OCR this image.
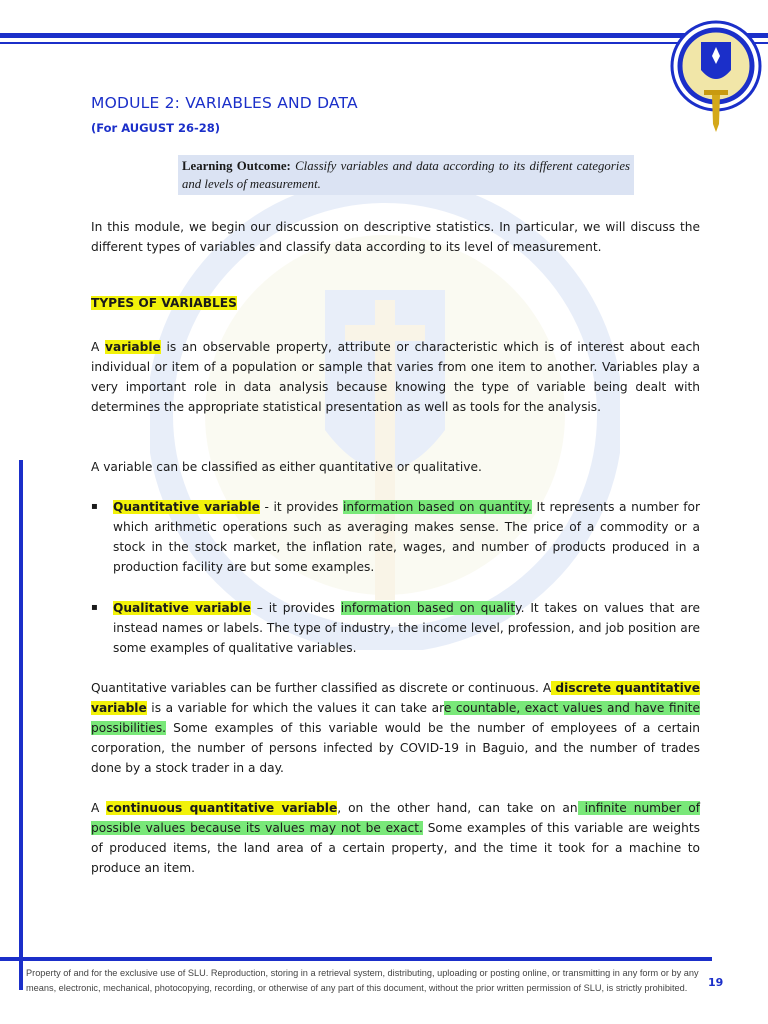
MODULE 2: VARIABLES AND DATA
(For AUGUST 26-28)
Learning Outcome: Classify variables and data according to its different categories and levels of measurement.
In this module, we begin our discussion on descriptive statistics. In particular, we will discuss the different types of variables and classify data according to its level of measurement.
TYPES OF VARIABLES
A variable is an observable property, attribute or characteristic which is of interest about each individual or item of a population or sample that varies from one item to another. Variables play a very important role in data analysis because knowing the type of variable being dealt with determines the appropriate statistical presentation as well as tools for the analysis.
A variable can be classified as either quantitative or qualitative.
▪ Quantitative variable - it provides information based on quantity. It represents a number for which arithmetic operations such as averaging makes sense. The price of a commodity or a stock in the stock market, the inflation rate, wages, and number of products produced in a production facility are but some examples.
▪ Qualitative variable – it provides information based on quality. It takes on values that are instead names or labels. The type of industry, the income level, profession, and job position are some examples of qualitative variables.
Quantitative variables can be further classified as discrete or continuous. A discrete quantitative variable is a variable for which the values it can take are countable, exact values and have finite possibilities. Some examples of this variable would be the number of employees of a certain corporation, the number of persons infected by COVID-19 in Baguio, and the number of trades done by a stock trader in a day.
A continuous quantitative variable, on the other hand, can take on an infinite number of possible values because its values may not be exact. Some examples of this variable are weights of produced items, the land area of a certain property, and the time it took for a machine to produce an item.
Property of and for the exclusive use of SLU. Reproduction, storing in a retrieval system, distributing, uploading or posting online, or transmitting in any form or by any means, electronic, mechanical, photocopying, recording, or otherwise of any part of this document, without the prior written permission of SLU, is strictly prohibited.	19
